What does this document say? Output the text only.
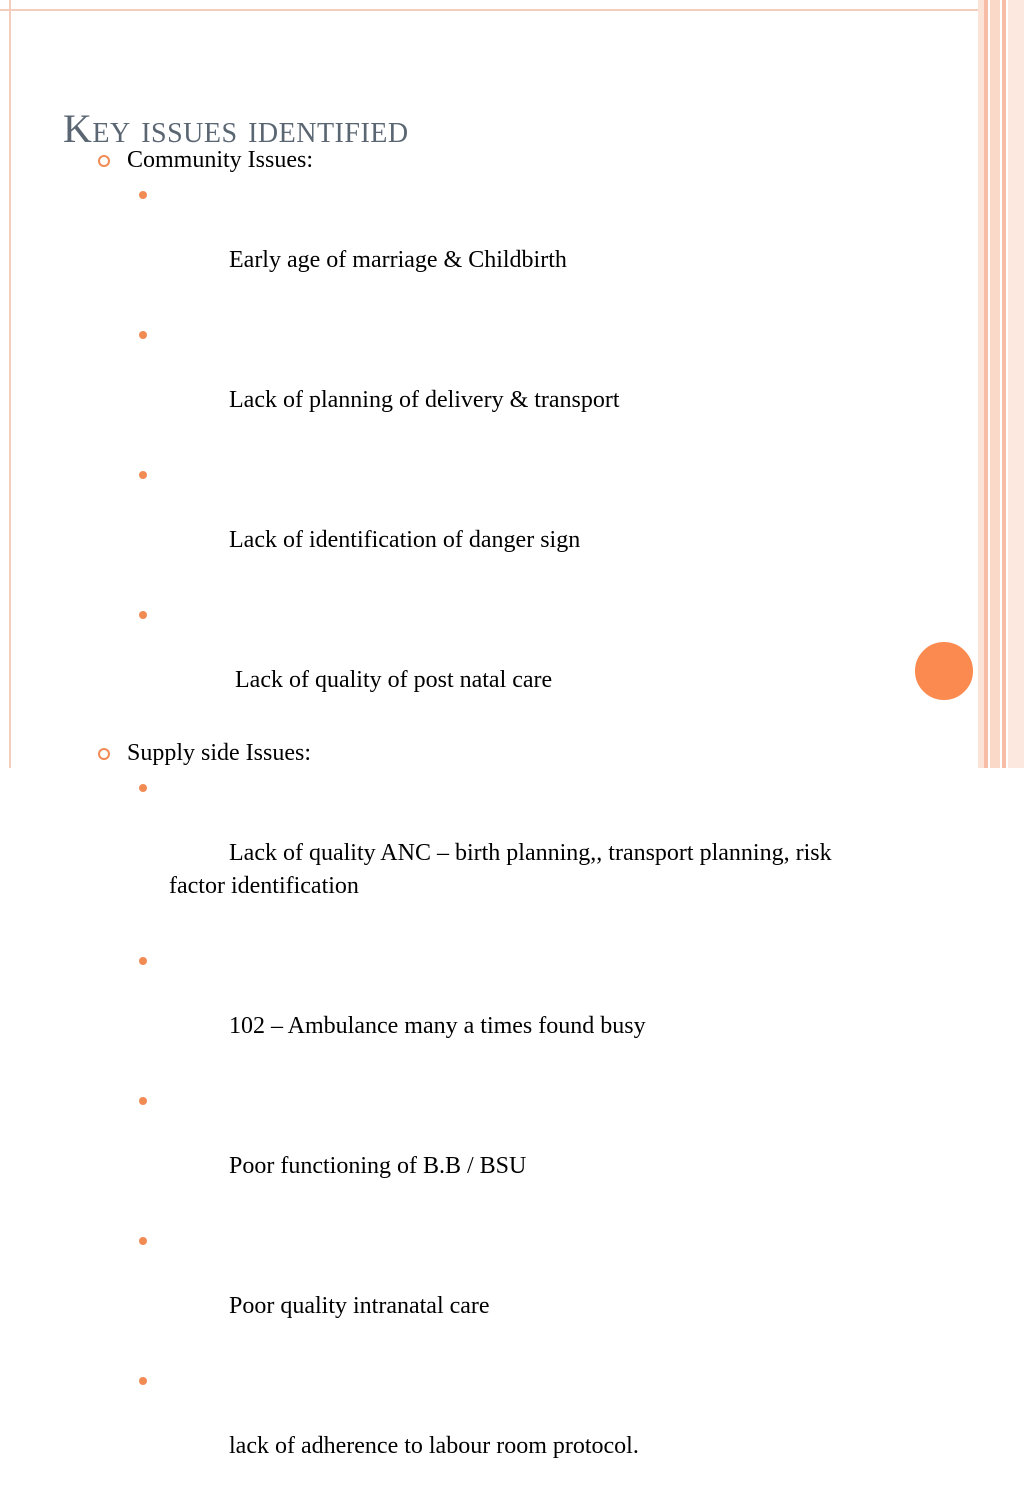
Key issues identified
Community Issues:

Early age of marriage & Childbirth

Lack of planning of delivery & transport

Lack of identification of danger sign

Lack of quality of post natal care

Supply side Issues:

Lack of quality ANC – birth planning,, transport planning, risk factor identification

102 – Ambulance many a times found busy

Poor functioning of B.B / BSU

Poor quality intranatal care

lack of adherence to labour room protocol.
